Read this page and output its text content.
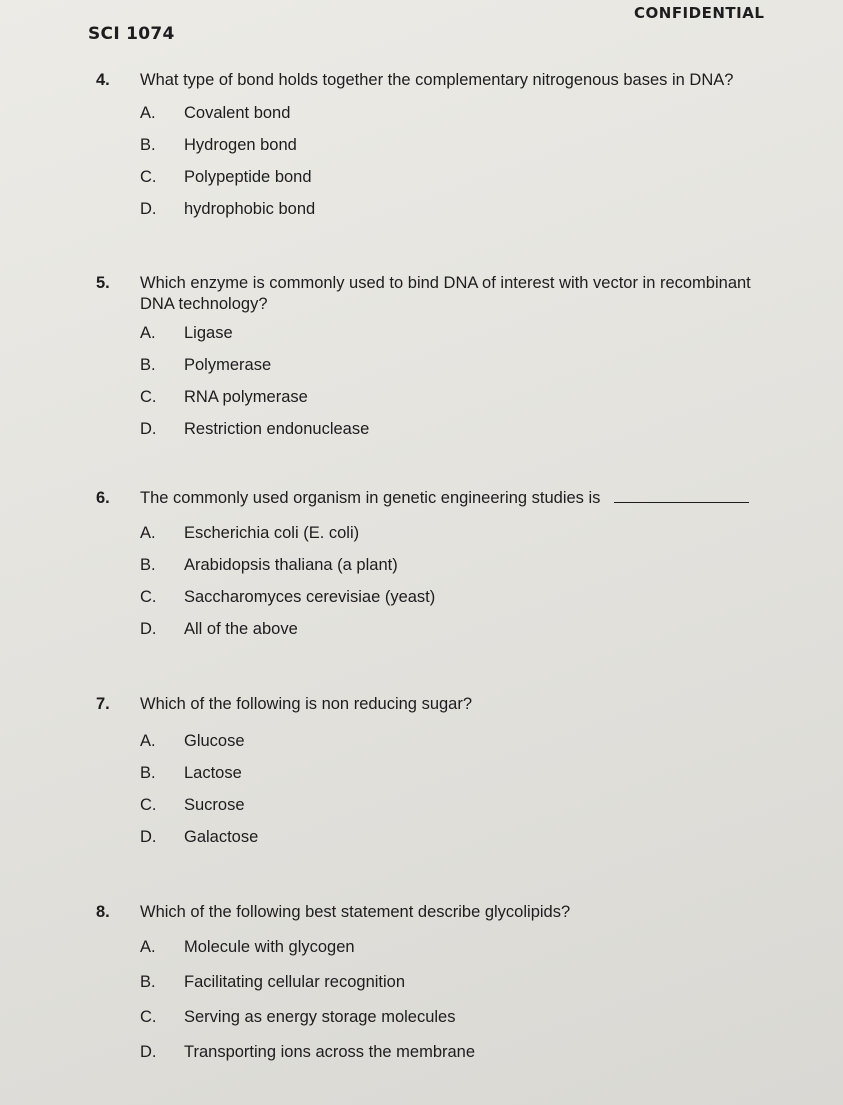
SCI 1074
CONFIDENTIAL
4.	What type of bond holds together the complementary nitrogenous bases in DNA?
A.	Covalent bond
B.	Hydrogen bond
C.	Polypeptide bond
D.	hydrophobic bond
5.	Which enzyme is commonly used to bind DNA of interest with vector in recombinant DNA technology?
A.	Ligase
B.	Polymerase
C.	RNA polymerase
D.	Restriction endonuclease
6.	The commonly used organism in genetic engineering studies is
A.	Escherichia coli (E. coli)
B.	Arabidopsis thaliana (a plant)
C.	Saccharomyces cerevisiae (yeast)
D.	All of the above
7.	Which of the following is non reducing sugar?
A.	Glucose
B.	Lactose
C.	Sucrose
D.	Galactose
8.	Which of the following best statement describe glycolipids?
A.	Molecule with glycogen
B.	Facilitating cellular recognition
C.	Serving as energy storage molecules
D.	Transporting ions across the membrane
